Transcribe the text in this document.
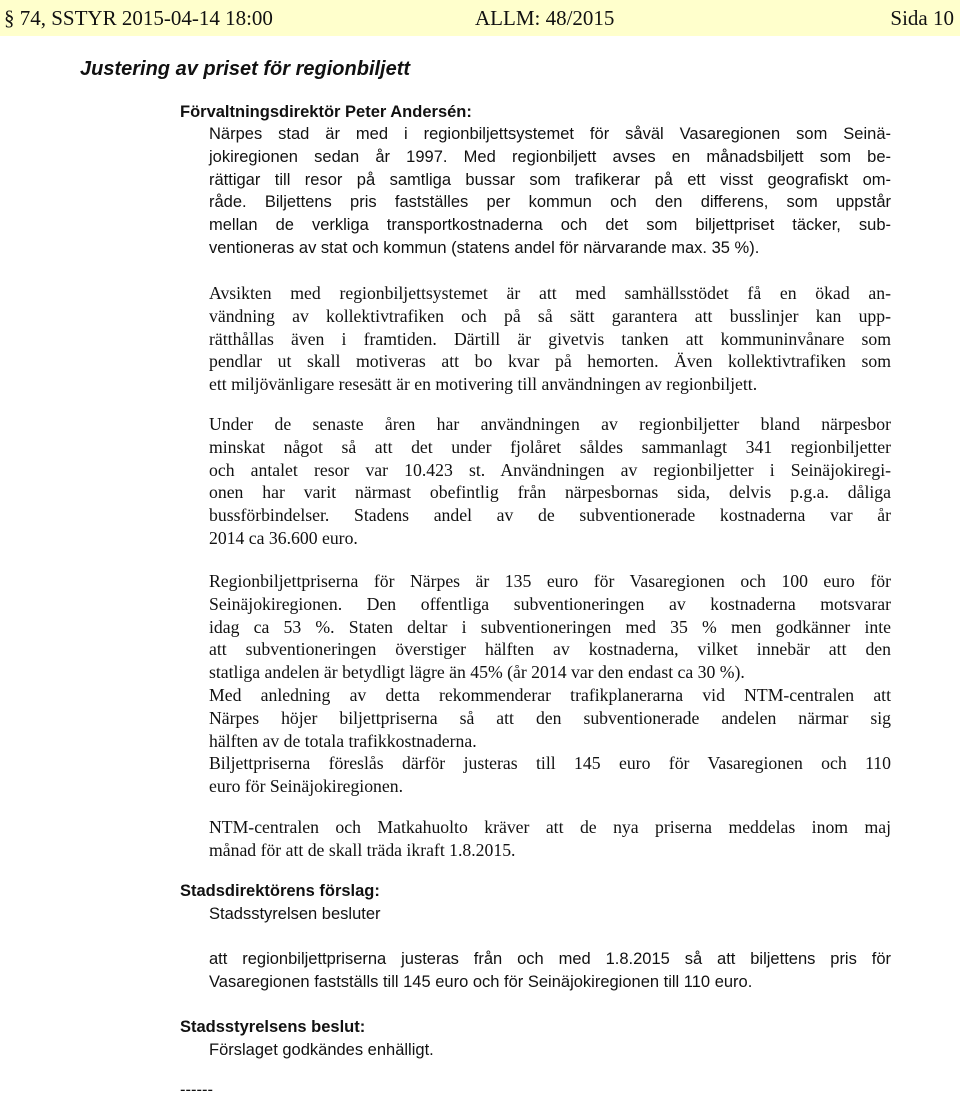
§ 74, SSTYR 2015-04-14 18:00	ALLM: 48/2015	Sida 10
Justering av priset för regionbiljett
Förvaltningsdirektör Peter Andersén:
Närpes stad är med i regionbiljettsystemet för såväl Vasaregionen som Seinä-
jokiregionen sedan år 1997. Med regionbiljett avses en månadsbiljett som be-
rättigar till resor på samtliga bussar som trafikerar på ett visst geografiskt om-
råde. Biljettens pris fastställes per kommun och den differens, som uppstår
mellan de verkliga transportkostnaderna och det som biljettpriset täcker, sub-
ventioneras av stat och kommun (statens andel för närvarande max. 35 %).
Avsikten med regionbiljettsystemet är att med samhällsstödet få en ökad an-
vändning av kollektivtrafiken och på så sätt garantera att busslinjer kan upp-
rätthållas även i framtiden. Därtill är givetvis tanken att kommuninvånare som
pendlar ut skall motiveras att bo kvar på hemorten. Även kollektivtrafiken som
ett miljövänligare resesätt är en motivering till användningen av regionbiljett.
Under de senaste åren har användningen av regionbiljetter bland närpesbor
minskat något så att det under fjolåret såldes sammanlagt 341 regionbiljetter
och antalet resor var 10.423 st. Användningen av regionbiljetter i Seinäjokiregi-
onen har varit närmast obefintlig från närpesbornas sida, delvis p.g.a. dåliga
bussförbindelser. Stadens andel av de subventionerade kostnaderna var år
2014 ca 36.600 euro.
Regionbiljettpriserna för Närpes är 135 euro för Vasaregionen och 100 euro för
Seinäjokiregionen. Den offentliga subventioneringen av kostnaderna motsvarar
idag ca 53 %. Staten deltar i subventioneringen med 35 % men godkänner inte
att subventioneringen överstiger hälften av kostnaderna, vilket innebär att den
statliga andelen är betydligt lägre än 45% (år 2014 var den endast ca 30 %).
Med anledning av detta rekommenderar trafikplanerarna vid NTM-centralen att
Närpes höjer biljettpriserna så att den subventionerade andelen närmar sig
hälften av de totala trafikkostnaderna.
Biljettpriserna föreslås därför justeras till 145 euro för Vasaregionen och 110
euro för Seinäjokiregionen.
NTM-centralen och Matkahuolto kräver att de nya priserna meddelas inom maj
månad för att de skall träda ikraft 1.8.2015.
Stadsdirektörens förslag:
Stadsstyrelsen besluter
att regionbiljettpriserna justeras från och med 1.8.2015 så att biljettens pris för
Vasaregionen fastställs till 145 euro och för Seinäjokiregionen till 110 euro.
Stadsstyrelsens beslut:
Förslaget godkändes enhälligt.
------
